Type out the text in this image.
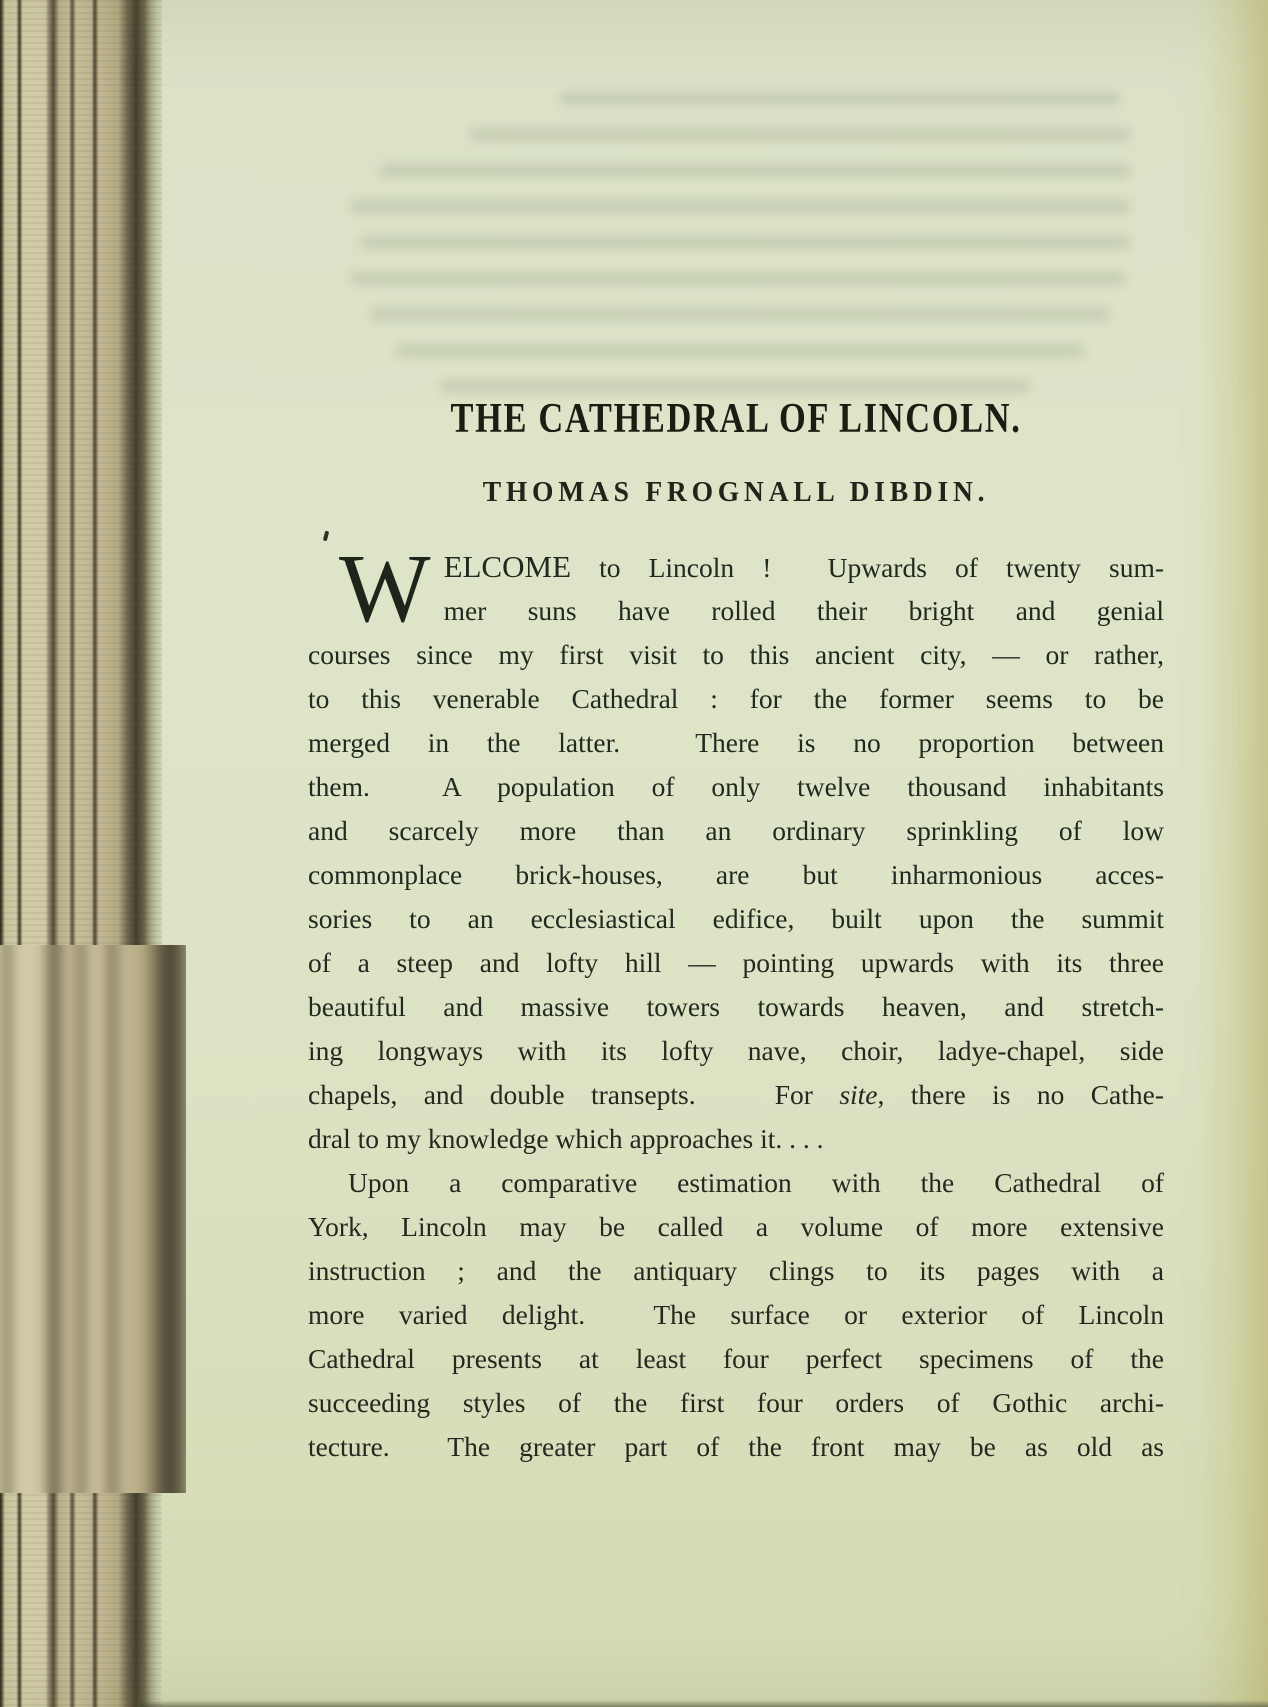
THE CATHEDRAL OF LINCOLN.
THOMAS FROGNALL DIBDIN.
W ELCOME to Lincoln !  Upwards of twenty sum-
mer suns have rolled their bright and genial
courses since my first visit to this ancient city, — or rather,
to this venerable Cathedral : for the former seems to be
merged in the latter.  There is no proportion between
them.  A population of only twelve thousand inhabitants
and scarcely more than an ordinary sprinkling of low
commonplace brick-houses, are but inharmonious acces-
sories to an ecclesiastical edifice, built upon the summit
of a steep and lofty hill — pointing upwards with its three
beautiful and massive towers towards heaven, and stretch-
ing longways with its lofty nave, choir, ladye-chapel, side
chapels, and double transepts.   For site, there is no Cathe-
dral to my knowledge which approaches it. . . .
Upon a comparative estimation with the Cathedral of
York, Lincoln may be called a volume of more extensive
instruction ; and the antiquary clings to its pages with a
more varied delight.  The surface or exterior of Lincoln
Cathedral presents at least four perfect specimens of the
succeeding styles of the first four orders of Gothic archi-
tecture.  The greater part of the front may be as old as
